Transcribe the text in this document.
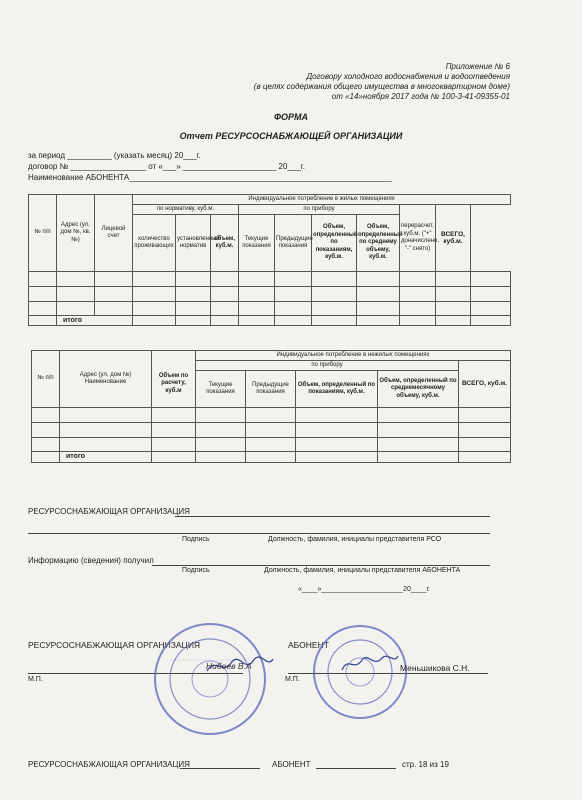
Приложение № 6
Договору холодного водоснабжения и водоотведения
(в целях содержания общего имущества в многоквартирном доме)
от «14»ноября 2017 года № 100-3-41-09355-01
ФОРМА
Отчет РЕСУРСОСНАБЖАЮЩЕЙ ОРГАНИЗАЦИИ
за период __________ (указать месяц) 20___г.
договор № _________________ от «___» _____________________ 20___г.
Наименование АБОНЕНТА___________________________________________________________
№ п/п	Адрес (ул, дом №, кв.№)	Лицевой счет	Индивидуальное потребление в жилых помещениях									
			по нормативу, куб.м.			по прибору				перерасчет, куб.м. ("+" доначислено, "-" снято)	ВСЕГО, куб.м.	
			количество проживающих	установленный норматив	объем, куб.м.	Текущие показания	Предыдущие показания	Объем, определенный по показаниям, куб.м.	Объем, определенный по среднему объему, куб.м.			

	итого											
№ п/п	Адрес (ул, дом №) Наименование		Индивидуальное потребление в нежилых помещениях				
		Объем по расчету, куб.м	по прибору				ВСЕГО, куб.м.
			Текущие показания	Предыдущие показания	Объем, определенный по показаниям, куб.м.	Объем, определенный по среднемесячному объему, куб.м.	

	итого						
РЕСУРСОСНАБЖАЮЩАЯ ОРГАНИЗАЦИЯ
Подпись	Должность, фамилия, инициалы представителя РСО
Информацию (сведения) получил
Подпись	Должность, фамилия, инициалы представителя АБОНЕНТА
«____»_____________________20____г.
РЕСУРСОСНАБЖАЮЩАЯ ОРГАНИЗАЦИЯ	АБОНЕНТ
М.П.	М.П.
Нибеев В.А	Меньшикова С.Н.
РЕСУРСОСНАБЖАЮЩАЯ ОРГАНИЗАЦИЯ	АБОНЕНТ	стр. 18 из 19
